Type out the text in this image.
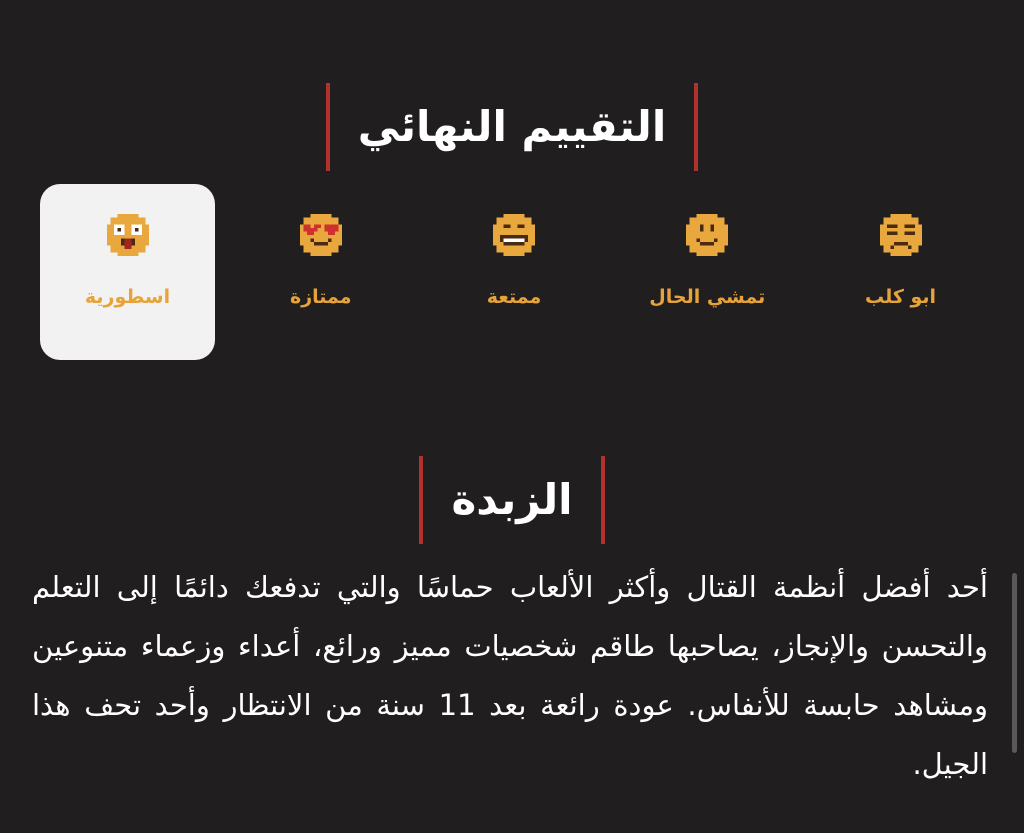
التقييم النهائي
ابو كلب
تمشي الحال
ممتعة
ممتازة
اسطورية
الزبدة

أحد أفضل أنظمة القتال وأكثر الألعاب حماسًا والتي تدفعك دائمًا إلى التعلم والتحسن والإنجاز، يصاحبها طاقم شخصيات مميز ورائع، أعداء وزعماء متنوعين ومشاهد حابسة للأنفاس. عودة رائعة بعد 11 سنة من الانتظار وأحد تحف هذا الجيل.
